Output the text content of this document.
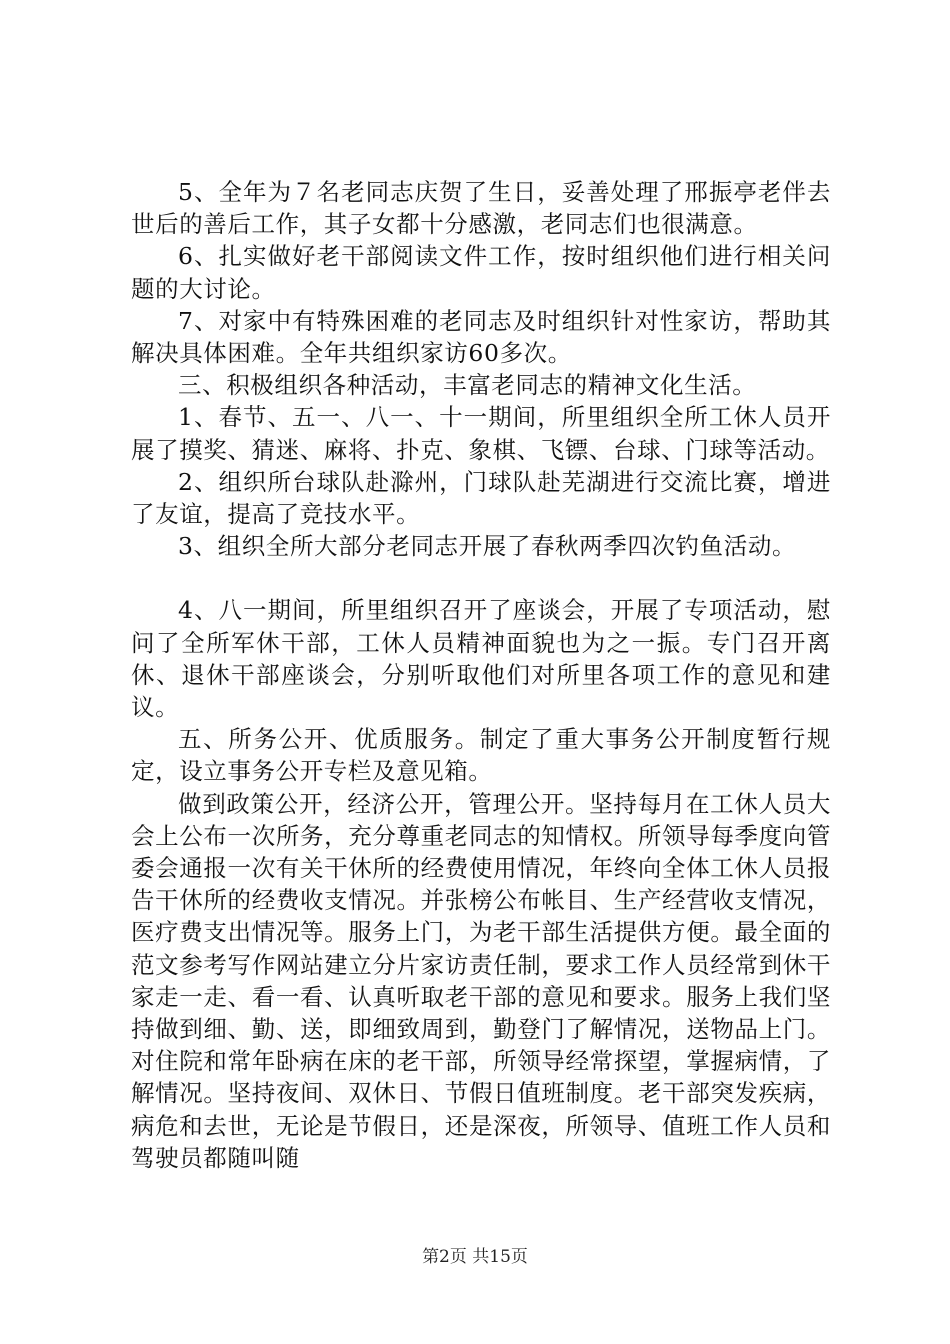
5、全年为７名老同志庆贺了生日，妥善处理了邢振亭老伴去世后的善后工作，其子女都十分感激，老同志们也很满意。

6、扎实做好老干部阅读文件工作，按时组织他们进行相关问题的大讨论。

7、对家中有特殊困难的老同志及时组织针对性家访，帮助其解决具体困难。全年共组织家访60多次。

三、积极组织各种活动，丰富老同志的精神文化生活。

1、春节、五一、八一、十一期间，所里组织全所工休人员开展了摸奖、猜迷、麻将、扑克、象棋、飞镖、台球、门球等活动。

2、组织所台球队赴滁州，门球队赴芜湖进行交流比赛，增进了友谊，提高了竞技水平。

3、组织全所大部分老同志开展了春秋两季四次钓鱼活动。

4、八一期间，所里组织召开了座谈会，开展了专项活动，慰问了全所军休干部，工休人员精神面貌也为之一振。专门召开离休、退休干部座谈会，分别听取他们对所里各项工作的意见和建议。

五、所务公开、优质服务。制定了重大事务公开制度暂行规定，设立事务公开专栏及意见箱。

做到政策公开，经济公开，管理公开。坚持每月在工休人员大会上公布一次所务，充分尊重老同志的知情权。所领导每季度向管委会通报一次有关干休所的经费使用情况，年终向全体工休人员报告干休所的经费收支情况。并张榜公布帐目、生产经营收支情况，医疗费支出情况等。服务上门，为老干部生活提供方便。最全面的范文参考写作网站建立分片家访责任制，要求工作人员经常到休干家走一走、看一看、认真听取老干部的意见和要求。服务上我们坚持做到细、勤、送，即细致周到，勤登门了解情况，送物品上门。对住院和常年卧病在床的老干部，所领导经常探望，掌握病情，了解情况。坚持夜间、双休日、节假日值班制度。老干部突发疾病，病危和去世，无论是节假日，还是深夜，所领导、值班工作人员和驾驶员都随叫随

第2页 共15页
